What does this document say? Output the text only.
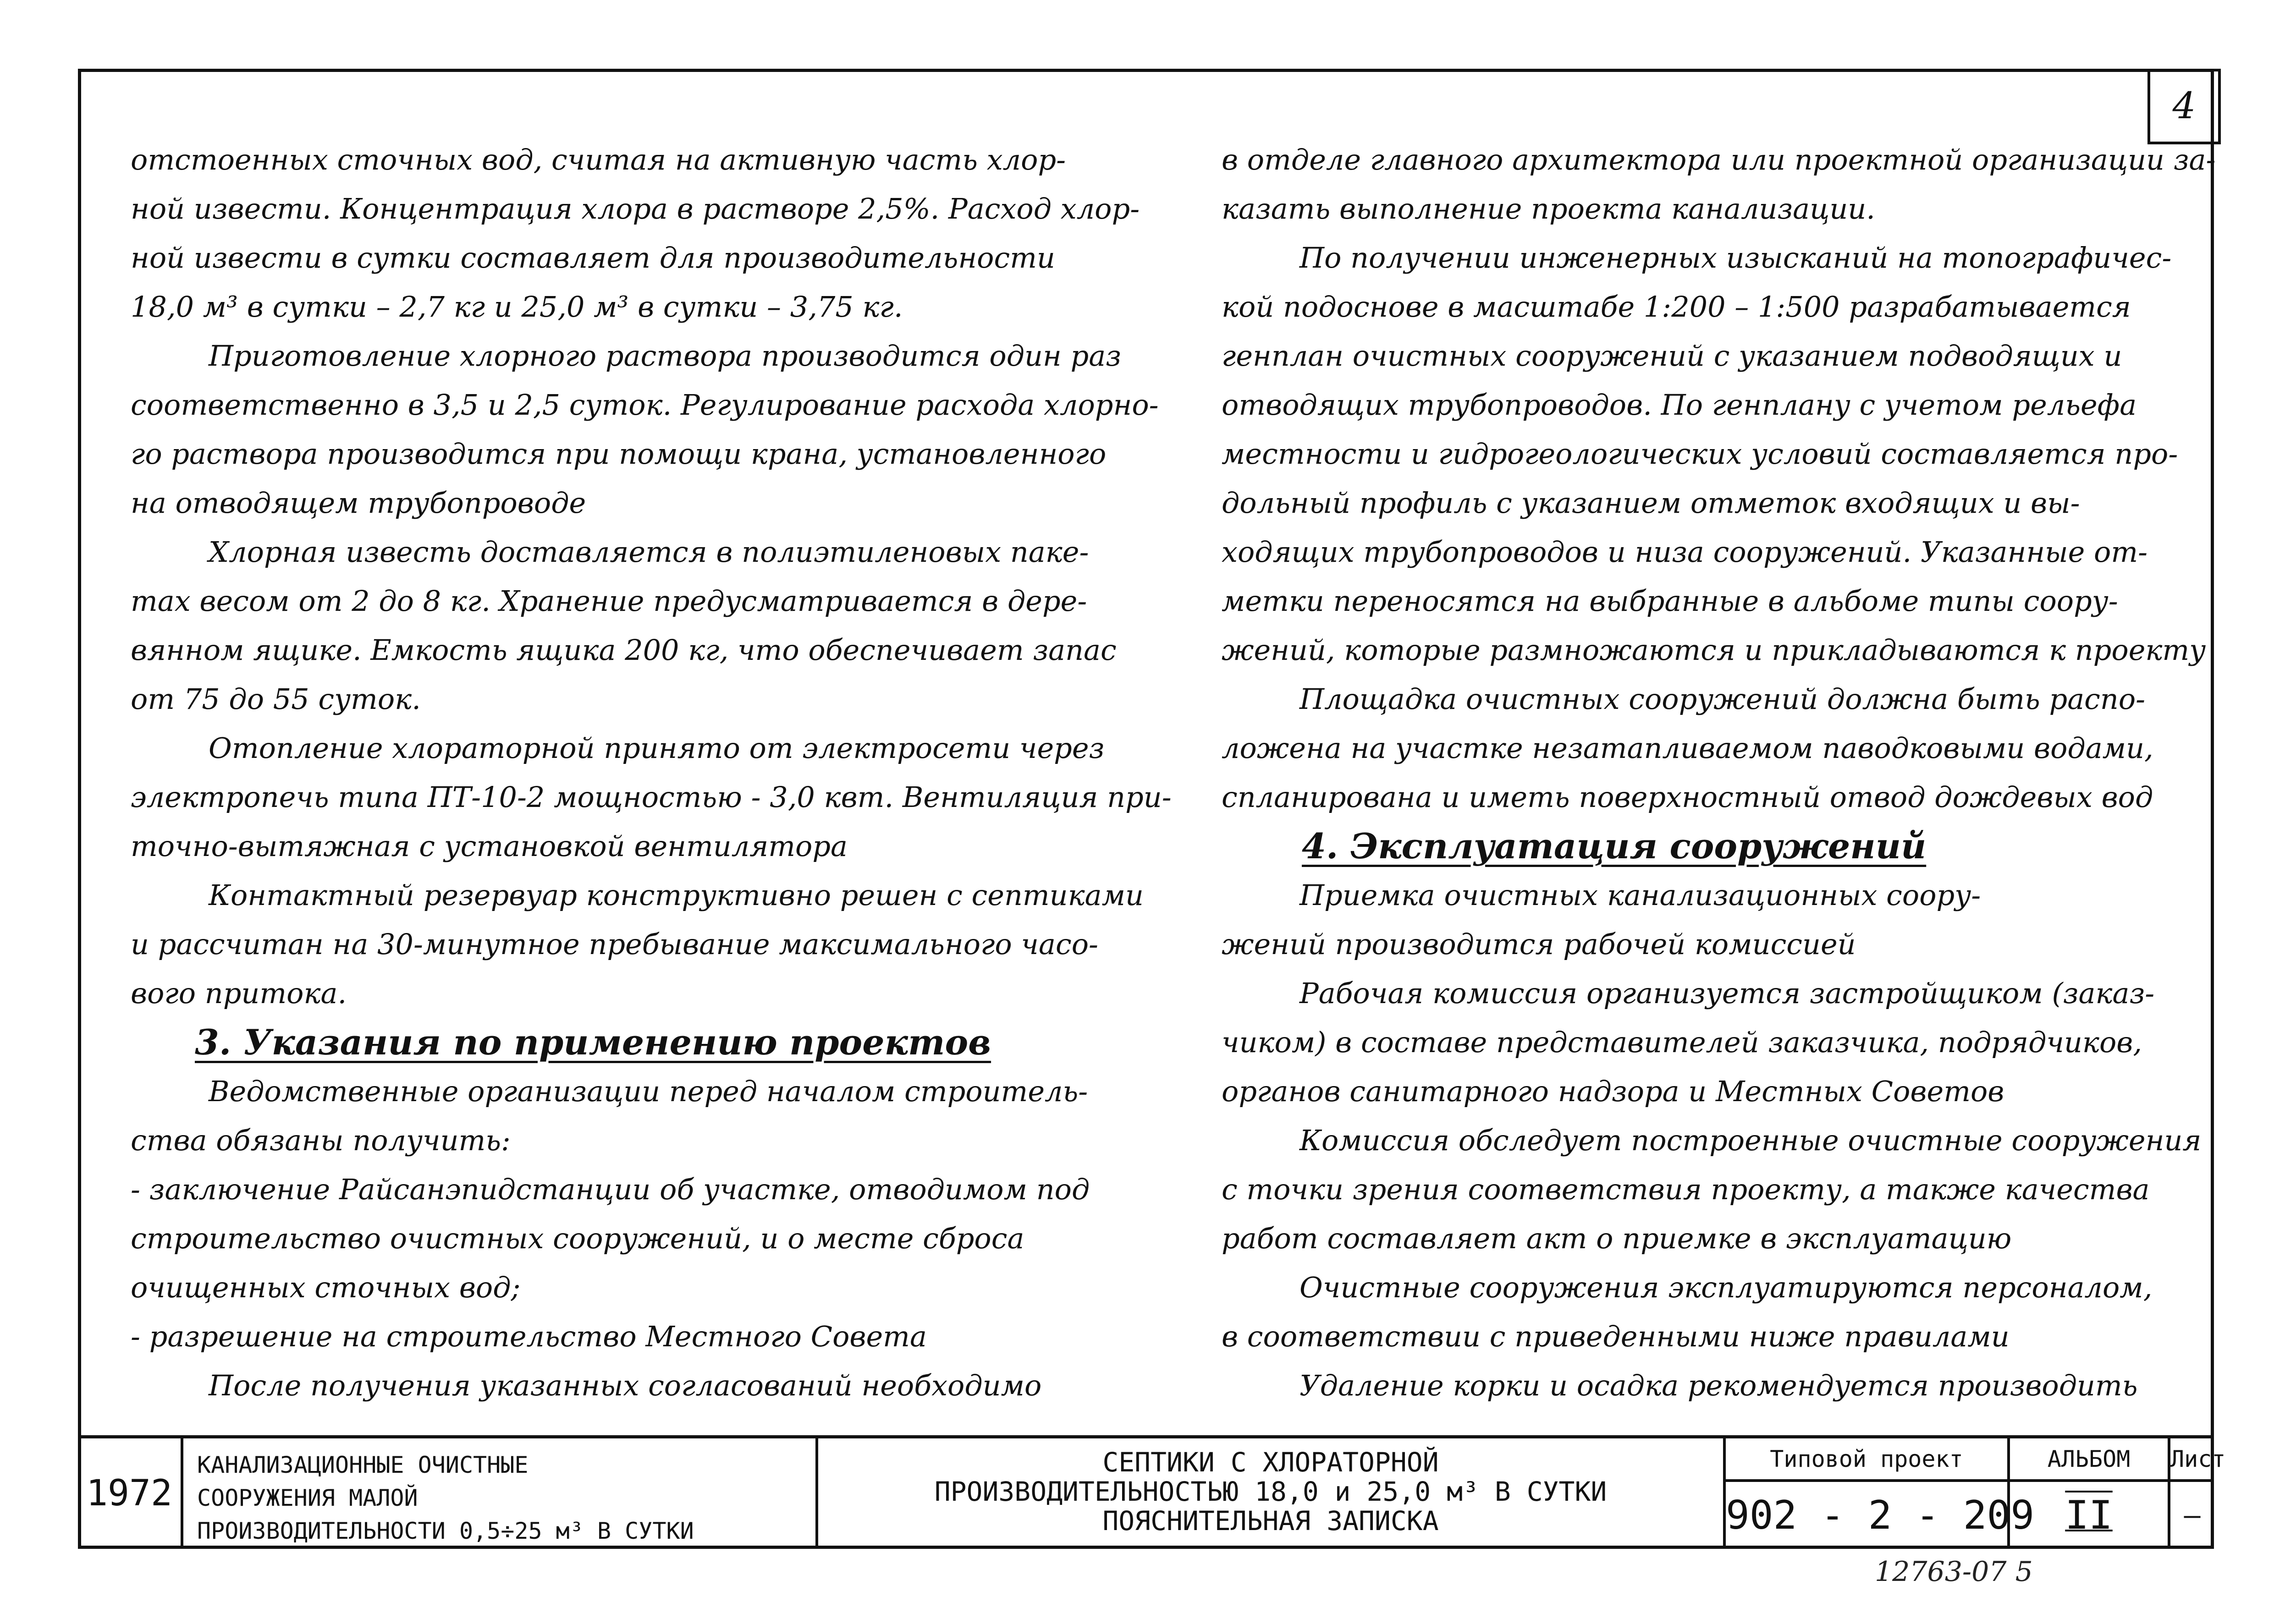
4
отстоенных сточных вод, считая на активную часть хлор-
ной извести. Концентрация хлора в растворе 2,5%. Расход хлор-
ной извести в сутки составляет для производительности
18,0 м³ в сутки – 2,7 кг и 25,0 м³ в сутки – 3,75 кг.
Приготовление хлорного раствора производится один раз
соответственно в 3,5 и 2,5 суток. Регулирование расхода хлорно-
го раствора производится при помощи крана, установленного
на отводящем трубопроводе
Хлорная известь доставляется в полиэтиленовых паке-
тах весом от 2 до 8 кг. Хранение предусматривается в дере-
вянном ящике. Емкость ящика 200 кг, что обеспечивает запас
от 75 до 55 суток.
Отопление хлораторной принято от электросети через
электропечь типа ПТ-10-2 мощностью - 3,0 квт. Вентиляция при-
точно-вытяжная с установкой вентилятора
Контактный резервуар конструктивно решен с септиками
и рассчитан на 30-минутное пребывание максимального часо-
вого притока.
3. Указания по применению проектов
Ведомственные организации перед началом строитель-
ства обязаны получить:
- заключение Райсанэпидстанции об участке, отводимом под
строительство очистных сооружений, и о месте сброса
очищенных сточных вод;
- разрешение на строительство Местного Совета
После получения указанных согласований необходимо
в отделе главного архитектора или проектной организации за-
казать выполнение проекта канализации.
По получении инженерных изысканий на топографичес-
кой подоснове в масштабе 1:200 – 1:500 разрабатывается
генплан очистных сооружений с указанием подводящих и
отводящих трубопроводов. По генплану с учетом рельефа
местности и гидрогеологических условий составляется про-
дольный профиль с указанием отметок входящих и вы-
ходящих трубопроводов и низа сооружений. Указанные от-
метки переносятся на выбранные в альбоме типы соору-
жений, которые размножаются и прикладываются к проекту
Площадка очистных сооружений должна быть распо-
ложена на участке незатапливаемом паводковыми водами,
спланирована и иметь поверхностный отвод дождевых вод
4. Эксплуатация сооружений
Приемка очистных канализационных соору-
жений производится рабочей комиссией
Рабочая комиссия организуется застройщиком (заказ-
чиком) в составе представителей заказчика, подрядчиков,
органов санитарного надзора и Местных Советов
Комиссия обследует построенные очистные сооружения
с точки зрения соответствия проекту, а также качества
работ составляет акт о приемке в эксплуатацию
Очистные сооружения эксплуатируются персоналом,
в соответствии с приведенными ниже правилами
Удаление корки и осадка рекомендуется производить
1972
КАНАЛИЗАЦИОННЫЕ ОЧИСТНЫЕ
СООРУЖЕНИЯ МАЛОЙ
ПРОИЗВОДИТЕЛЬНОСТИ 0,5÷25 м³ В СУТКИ
СЕПТИКИ С ХЛОРАТОРНОЙ
ПРОИЗВОДИТЕЛЬНОСТЬЮ 18,0 и 25,0 м³ В СУТКИ
ПОЯСНИТЕЛЬНАЯ ЗАПИСКА
Типовой проект
902 - 2 - 209
АЛЬБОМ
II
Лист
—
12763-07 5
